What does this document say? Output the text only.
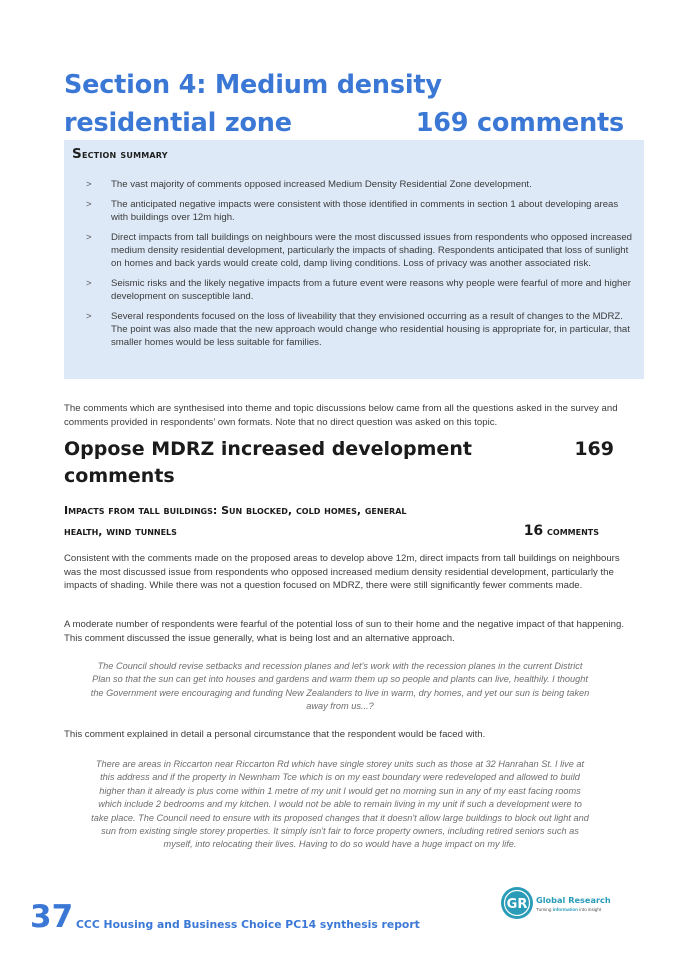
Section 4: Medium density
residential zone	169 comments
Section summary
> The vast majority of comments opposed increased Medium Density Residential Zone development.
> The anticipated negative impacts were consistent with those identified in comments in section 1 about developing areas with buildings over 12m high.
> Direct impacts from tall buildings on neighbours were the most discussed issues from respondents who opposed increased medium density residential development, particularly the impacts of shading. Respondents anticipated that loss of sunlight on homes and back yards would create cold, damp living conditions. Loss of privacy was another associated risk.
> Seismic risks and the likely negative impacts from a future event were reasons why people were fearful of more and higher development on susceptible land.
> Several respondents focused on the loss of liveability that they envisioned occurring as a result of changes to the MDRZ. The point was also made that the new approach would change who residential housing is appropriate for, in particular, that smaller homes would be less suitable for families.

The comments which are synthesised into theme and topic discussions below came from all the questions asked in the survey and comments provided in respondents’ own formats. Note that no direct question was asked on this topic.

Oppose MDRZ increased development
comments
169
Impacts from tall buildings: Sun blocked, cold homes, general
health, wind tunnels	16 comments

Consistent with the comments made on the proposed areas to develop above 12m, direct impacts from tall buildings on neighbours was the most discussed issue from respondents who opposed increased medium density residential development, particularly the impacts of shading. While there was not a question focused on MDRZ, there were still significantly fewer comments made.

A moderate number of respondents were fearful of the potential loss of sun to their home and the negative impact of that happening. This comment discussed the issue generally, what is being lost and an alternative approach.

The Council should revise setbacks and recession planes and let's work with the recession planes in the current District Plan so that the sun can get into houses and gardens and warm them up so people and plants can live, healthily. I thought the Government were encouraging and funding New Zealanders to live in warm, dry homes, and yet our sun is being taken away from us...?

This comment explained in detail a personal circumstance that the respondent would be faced with.

There are areas in Riccarton near Riccarton Rd which have single storey units such as those at 32 Hanrahan St. I live at this address and if the property in Newnham Tce which is on my east boundary were redeveloped and allowed to build higher than it already is plus come within 1 metre of my unit I would get no morning sun in any of my east facing rooms which include 2 bedrooms and my kitchen. I would not be able to remain living in my unit if such a development were to take place. The Council need to ensure with its proposed changes that it doesn't allow large buildings to block out light and sun from existing single storey properties. It simply isn't fair to force property owners, including retired seniors such as myself, into relocating their lives. Having to do so would have a huge impact on my life.

37 CCC Housing and Business Choice PC14 synthesis report
GR Global Research
Turning information into insight
